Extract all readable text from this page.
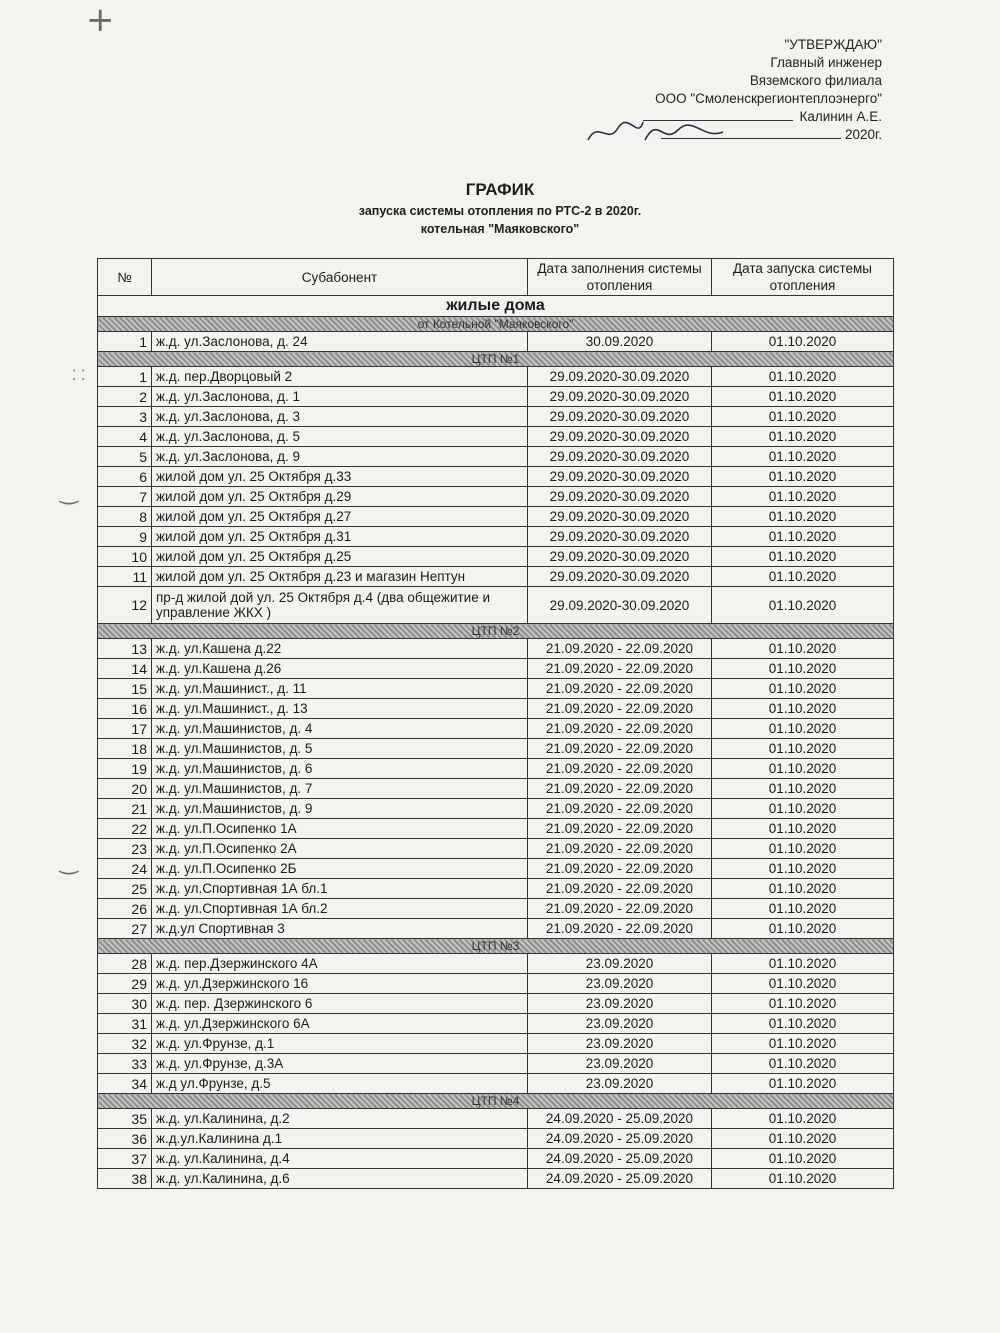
+
⁚ ⁚
‿
‿
"УТВЕРЖДАЮ"
Главный инженер
Вяземского филиала
ООО "Смоленскрегионтеплоэнерго"
Калинин А.Е.
2020г.
ГРАФИК
запуска системы отопления по РТС-2 в 2020г.
котельная "Маяковского"
№	Субабонент	Дата заполнения системы отопления	Дата запуска системы отопления
жилые дома			
от Котельной "Маяковского"			
1	ж.д. ул.Заслонова, д. 24	30.09.2020	01.10.2020
ЦТП №1			
1	ж.д. пер.Дворцовый 2	29.09.2020-30.09.2020	01.10.2020
2	ж.д. ул.Заслонова, д. 1	29.09.2020-30.09.2020	01.10.2020
3	ж.д. ул.Заслонова, д. 3	29.09.2020-30.09.2020	01.10.2020
4	ж.д. ул.Заслонова, д. 5	29.09.2020-30.09.2020	01.10.2020
5	ж.д. ул.Заслонова, д. 9	29.09.2020-30.09.2020	01.10.2020
6	жилой дом ул. 25 Октября д.33	29.09.2020-30.09.2020	01.10.2020
7	жилой дом ул. 25 Октября д.29	29.09.2020-30.09.2020	01.10.2020
8	жилой дом ул. 25 Октября д.27	29.09.2020-30.09.2020	01.10.2020
9	жилой дом ул. 25 Октября д.31	29.09.2020-30.09.2020	01.10.2020
10	жилой дом ул. 25 Октября д.25	29.09.2020-30.09.2020	01.10.2020
11	жилой дом ул. 25 Октября д.23 и магазин Нептун	29.09.2020-30.09.2020	01.10.2020
12	пр-д жилой дой ул. 25 Октября д.4 (два общежитие и управление ЖКХ )	29.09.2020-30.09.2020	01.10.2020
ЦТП №2			
13	ж.д. ул.Кашена д.22	21.09.2020 - 22.09.2020	01.10.2020
14	ж.д. ул.Кашена д.26	21.09.2020 - 22.09.2020	01.10.2020
15	ж.д. ул.Машинист., д. 11	21.09.2020 - 22.09.2020	01.10.2020
16	ж.д. ул.Машинист., д. 13	21.09.2020 - 22.09.2020	01.10.2020
17	ж.д. ул.Машинистов, д. 4	21.09.2020 - 22.09.2020	01.10.2020
18	ж.д. ул.Машинистов, д. 5	21.09.2020 - 22.09.2020	01.10.2020
19	ж.д. ул.Машинистов, д. 6	21.09.2020 - 22.09.2020	01.10.2020
20	ж.д. ул.Машинистов, д. 7	21.09.2020 - 22.09.2020	01.10.2020
21	ж.д. ул.Машинистов, д. 9	21.09.2020 - 22.09.2020	01.10.2020
22	ж.д. ул.П.Осипенко 1А	21.09.2020 - 22.09.2020	01.10.2020
23	ж.д. ул.П.Осипенко 2А	21.09.2020 - 22.09.2020	01.10.2020
24	ж.д. ул.П.Осипенко 2Б	21.09.2020 - 22.09.2020	01.10.2020
25	ж.д. ул.Спортивная 1А бл.1	21.09.2020 - 22.09.2020	01.10.2020
26	ж.д. ул.Спортивная 1А бл.2	21.09.2020 - 22.09.2020	01.10.2020
27	ж.д.ул Спортивная 3	21.09.2020 - 22.09.2020	01.10.2020
ЦТП №3			
28	ж.д. пер.Дзержинского 4А	23.09.2020	01.10.2020
29	ж.д. ул.Дзержинского 16	23.09.2020	01.10.2020
30	ж.д. пер. Дзержинского 6	23.09.2020	01.10.2020
31	ж.д. ул.Дзержинского 6А	23.09.2020	01.10.2020
32	ж.д. ул.Фрунзе, д.1	23.09.2020	01.10.2020
33	ж.д. ул.Фрунзе, д.3А	23.09.2020	01.10.2020
34	ж.д ул.Фрунзе, д.5	23.09.2020	01.10.2020
ЦТП №4			
35	ж.д. ул.Калинина, д.2	24.09.2020 - 25.09.2020	01.10.2020
36	ж.д.ул.Калинина д.1	24.09.2020 - 25.09.2020	01.10.2020
37	ж.д. ул.Калинина, д.4	24.09.2020 - 25.09.2020	01.10.2020
38	ж.д. ул.Калинина, д.6	24.09.2020 - 25.09.2020	01.10.2020
